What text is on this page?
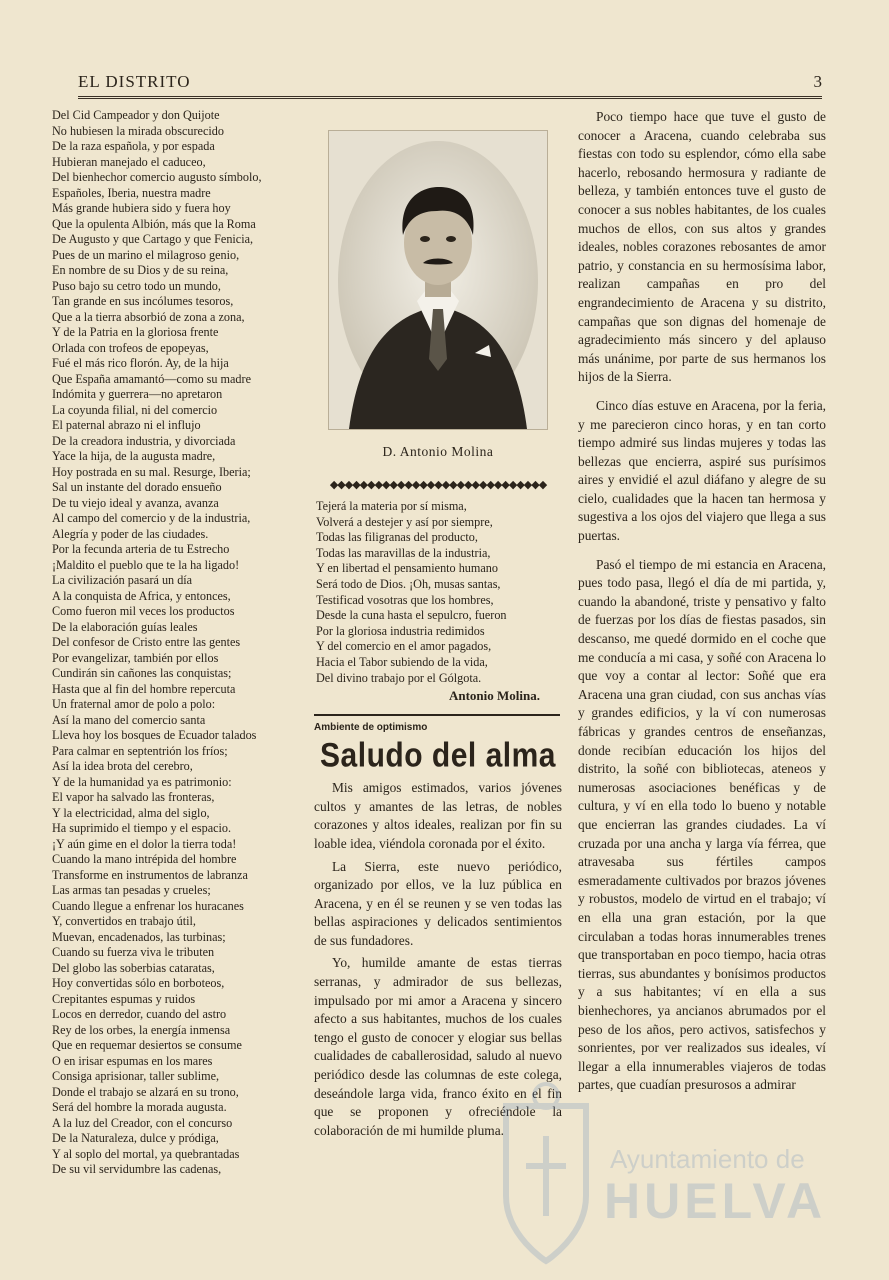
EL DISTRITO	3
Del Cid Campeador y don Quijote
No hubiesen la mirada obscurecido
De la raza española, y por espada
Hubieran manejado el caduceo,
Del bienhechor comercio augusto símbolo,
Españoles, Iberia, nuestra madre
Más grande hubiera sido y fuera hoy
Que la opulenta Albión, más que la Roma
De Augusto y que Cartago y que Fenicia,
Pues de un marino el milagroso genio,
En nombre de su Dios y de su reina,
Puso bajo su cetro todo un mundo,
Tan grande en sus incólumes tesoros,
Que a la tierra absorbió de zona a zona,
Y de la Patria en la gloriosa frente
Orlada con trofeos de epopeyas,
Fué el más rico florón. Ay, de la hija
Que España amamantó—como su madre
Indómita y guerrera—no apretaron
La coyunda filial, ni del comercio
El paternal abrazo ni el influjo
De la creadora industria, y divorciada
Yace la hija, de la augusta madre,
Hoy postrada en su mal. Resurge, Iberia;
Sal un instante del dorado ensueño
De tu viejo ideal y avanza, avanza
Al campo del comercio y de la industria,
Alegría y poder de las ciudades.
Por la fecunda arteria de tu Estrecho
¡Maldito el pueblo que te la ha ligado!
La civilización pasará un día
A la conquista de Africa, y entonces,
Como fueron mil veces los productos
De la elaboración guías leales
Del confesor de Cristo entre las gentes
Por evangelizar, también por ellos
Cundirán sin cañones las conquistas;
Hasta que al fin del hombre repercuta
Un fraternal amor de polo a polo:
Así la mano del comercio santa
Lleva hoy los bosques de Ecuador talados
Para calmar en septentrión los fríos;
Así la idea brota del cerebro,
Y de la humanidad ya es patrimonio:
El vapor ha salvado las fronteras,
Y la electricidad, alma del siglo,
Ha suprimido el tiempo y el espacio.
¡Y aún gime en el dolor la tierra toda!
Cuando la mano intrépida del hombre
Transforme en instrumentos de labranza
Las armas tan pesadas y crueles;
Cuando llegue a enfrenar los huracanes
Y, convertidos en trabajo útil,
Muevan, encadenados, las turbinas;
Cuando su fuerza viva le tributen
Del globo las soberbias cataratas,
Hoy convertidas sólo en borboteos,
Crepitantes espumas y ruidos
Locos en derredor, cuando del astro
Rey de los orbes, la energía inmensa
Que en requemar desiertos se consume
O en irisar espumas en los mares
Consiga aprisionar, taller sublime,
Donde el trabajo se alzará en su trono,
Será del hombre la morada augusta.
A la luz del Creador, con el concurso
De la Naturaleza, dulce y pródiga,
Y al soplo del mortal, ya quebrantadas
De su vil servidumbre las cadenas,
D. Antonio Molina
◆◆◆◆◆◆◆◆◆◆◆◆◆◆◆◆◆◆◆◆◆◆◆◆◆◆◆◆◆
Tejerá la materia por sí misma,
Volverá a destejer y así por siempre,
Todas las filigranas del producto,
Todas las maravillas de la industria,
Y en libertad el pensamiento humano
Será todo de Dios. ¡Oh, musas santas,
Testificad vosotras que los hombres,
Desde la cuna hasta el sepulcro, fueron
Por la gloriosa industria redimidos
Y del comercio en el amor pagados,
Hacia el Tabor subiendo de la vida,
Del divino trabajo por el Gólgota.
Antonio Molina.
Ambiente de optimismo
Saludo del alma

Mis amigos estimados, varios jóvenes cultos y amantes de las letras, de nobles corazones y altos ideales, realizan por fin su loable idea, viéndola coronada por el éxito.

La Sierra, este nuevo periódico, organizado por ellos, ve la luz pública en Aracena, y en él se reunen y se ven todas las bellas aspiraciones y delicados sentimientos de sus fundadores.

Yo, humilde amante de estas tierras serranas, y admirador de sus bellezas, impulsado por mi amor a Aracena y sincero afecto a sus habitantes, muchos de los cuales tengo el gusto de conocer y elogiar sus bellas cualidades de caballerosidad, saludo al nuevo periódico desde las columnas de este colega, deseándole larga vida, franco éxito en el fin que se proponen y ofreciéndole la colaboración de mi humilde pluma.

Poco tiempo hace que tuve el gusto de conocer a Aracena, cuando celebraba sus fiestas con todo su esplendor, cómo ella sabe hacerlo, rebosando hermosura y radiante de belleza, y también entonces tuve el gusto de conocer a sus nobles habitantes, de los cuales muchos de ellos, con sus altos y grandes ideales, nobles corazones rebosantes de amor patrio, y constancia en su hermosísima labor, realizan campañas en pro del engrandecimiento de Aracena y su distrito, campañas que son dignas del homenaje de agradecimiento más sincero y del aplauso más unánime, por parte de sus hermanos los hijos de la Sierra.

Cinco días estuve en Aracena, por la feria, y me parecieron cinco horas, y en tan corto tiempo admiré sus lindas mujeres y todas las bellezas que encierra, aspiré sus purísimos aires y envidié el azul diáfano y alegre de su cielo, cualidades que la hacen tan hermosa y sugestiva a los ojos del viajero que llega a sus puertas.

Pasó el tiempo de mi estancia en Aracena, pues todo pasa, llegó el día de mi partida, y, cuando la abandoné, triste y pensativo y falto de fuerzas por los días de fiestas pasados, sin descanso, me quedé dormido en el coche que me conducía a mi casa, y soñé con Aracena lo que voy a contar al lector: Soñé que era Aracena una gran ciudad, con sus anchas vías y grandes edificios, y la ví con numerosas fábricas y grandes centros de enseñanzas, donde recibían educación los hijos del distrito, la soñé con bibliotecas, ateneos y numerosas asociaciones benéficas y de cultura, y ví en ella todo lo bueno y notable que encierran las grandes ciudades. La ví cruzada por una ancha y larga vía férrea, que atravesaba sus fértiles campos esmeradamente cultivados por brazos jóvenes y robustos, modelo de virtud en el trabajo; ví en ella una gran estación, por la que circulaban a todas horas innumerables trenes que transportaban en poco tiempo, hacia otras tierras, sus abundantes y bonísimos productos y a sus habitantes; ví en ella a sus bienhechores, ya ancianos abrumados por el peso de los años, pero activos, satisfechos y sonrientes, por ver realizados sus ideales, ví llegar a ella innumerables viajeros de todas partes, que cuadían presurosos a admirar

Ayuntamiento de
HUELVA
